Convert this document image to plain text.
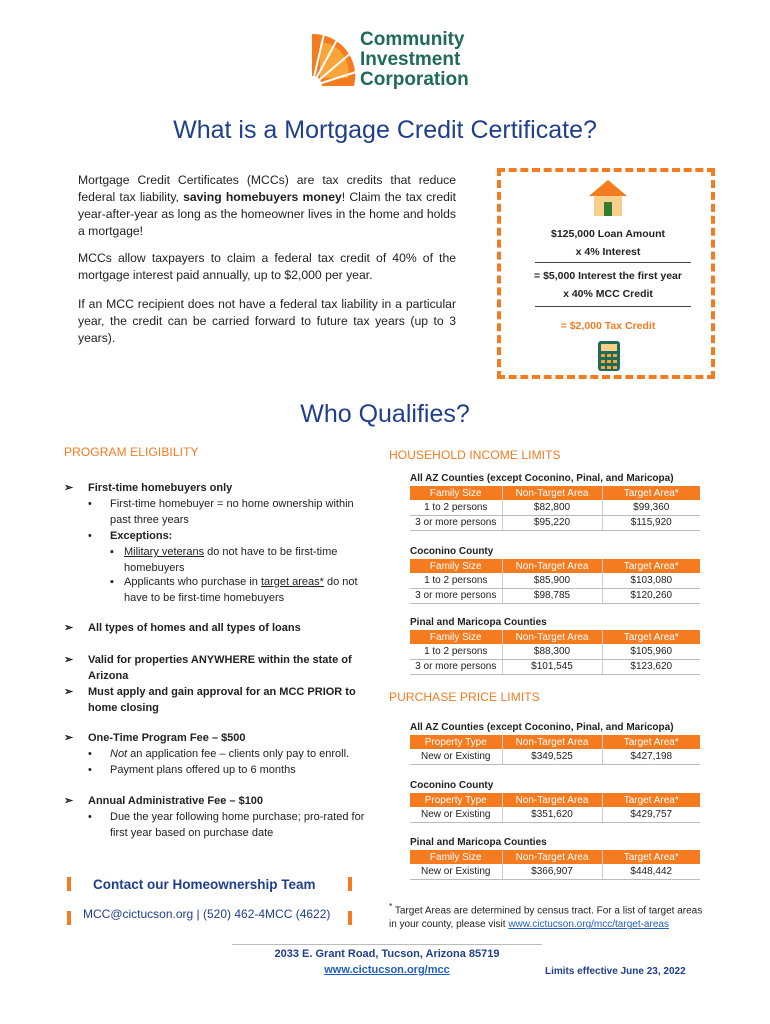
Community
Investment
Corporation
What is a Mortgage Credit Certificate?
Mortgage Credit Certificates (MCCs) are tax credits that reduce federal tax liability, saving homebuyers money! Claim the tax credit year-after-year as long as the homeowner lives in the home and holds a mortgage!
MCCs allow taxpayers to claim a federal tax credit of 40% of the mortgage interest paid annually, up to $2,000 per year.
If an MCC recipient does not have a federal tax liability in a particular year, the credit can be carried forward to future tax years (up to 3 years).
$125,000 Loan Amount
x 4% Interest
= $5,000 Interest the first year
x 40% MCC Credit
= $2,000 Tax Credit
Who Qualifies?
PROGRAM ELIGIBILITY
➢ First-time homebuyers only
• First-time homebuyer = no home ownership within past three years
• Exceptions:
▪ Military veterans do not have to be first-time homebuyers
▪ Applicants who purchase in target areas* do not have to be first-time homebuyers
➢ All types of homes and all types of loans
➢ Valid for properties ANYWHERE within the state of Arizona
➢ Must apply and gain approval for an MCC PRIOR to home closing
➢ One-Time Program Fee – $500
• Not an application fee – clients only pay to enroll.
• Payment plans offered up to 6 months
➢ Annual Administrative Fee – $100
• Due the year following home purchase; pro-rated for first year based on purchase date
HOUSEHOLD INCOME LIMITS
All AZ Counties (except Coconino, Pinal, and Maricopa)
Family Size	Non-Target Area	Target Area*
1 to 2 persons	$82,800	$99,360
3 or more persons	$95,220	$115,920
Coconino County
Family Size	Non-Target Area	Target Area*
1 to 2 persons	$85,900	$103,080
3 or more persons	$98,785	$120,260
Pinal and Maricopa Counties
Family Size	Non-Target Area	Target Area*
1 to 2 persons	$88,300	$105,960
3 or more persons	$101,545	$123,620
PURCHASE PRICE LIMITS
All AZ Counties (except Coconino, Pinal, and Maricopa)
Property Type	Non-Target Area	Target Area*
New or Existing	$349,525	$427,198
Coconino County
Property Type	Non-Target Area	Target Area*
New or Existing	$351,620	$429,757
Pinal and Maricopa Counties
Family Size	Non-Target Area	Target Area*
New or Existing	$366,907	$448,442
* Target Areas are determined by census tract. For a list of target areas in your county, please visit www.cictucson.org/mcc/target-areas
Contact our Homeownership Team
MCC@cictucson.org | (520) 462-4MCC (4622)
2033 E. Grant Road, Tucson, Arizona 85719
www.cictucson.org/mcc	Limits effective June 23, 2022
